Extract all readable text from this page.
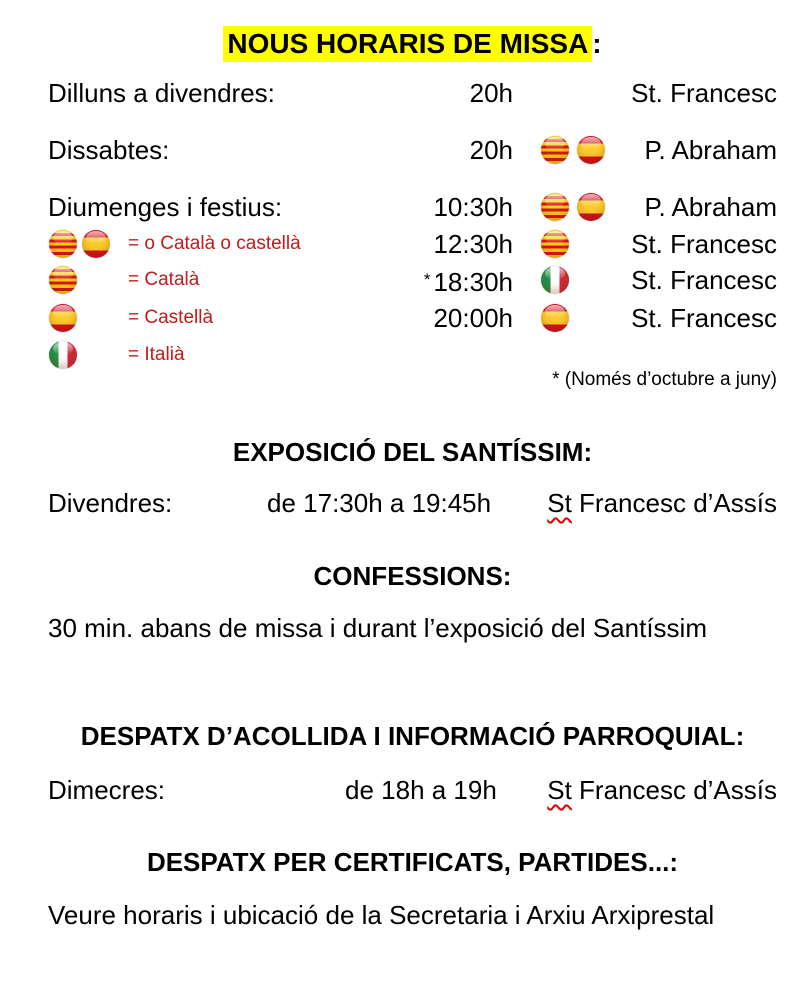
NOUS HORARIS DE MISSA :
Dilluns a divendres:	20h	St. Francesc
Dissabtes:	20h	P. Abraham
Diumenges i festius:	10:30h	P. Abraham
12:30h	St. Francesc
* 18:30h	St. Francesc
20:00h	St. Francesc
= o Català o castellà
= Català
= Castellà
= Italià
* (Només d’octubre a juny)
EXPOSICIÓ DEL SANTÍSSIM:
Divendres:	de 17:30h a 19:45h	St Francesc d’Assís
CONFESSIONS:
30 min. abans de missa i durant l’exposició del Santíssim
DESPATX D’ACOLLIDA I INFORMACIÓ PARROQUIAL:
Dimecres:	de 18h a 19h	St Francesc d’Assís
DESPATX PER CERTIFICATS, PARTIDES...:
Veure horaris i ubicació de la Secretaria i Arxiu Arxiprestal
